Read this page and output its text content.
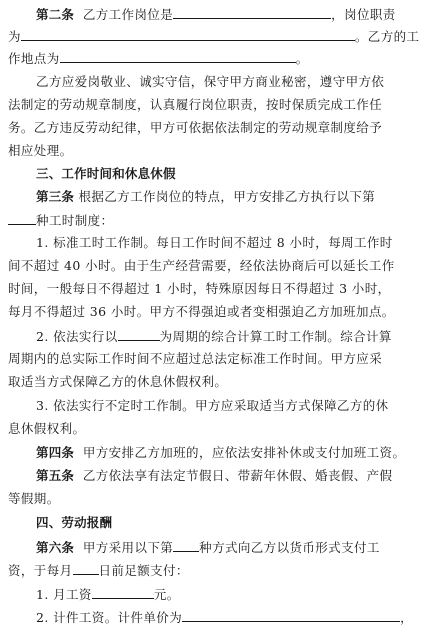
第二条 乙方工作岗位是	，岗位职责
为	。乙方的工
作地点为	。
乙方应爱岗敬业、诚实守信，保守甲方商业秘密，遵守甲方依
法制定的劳动规章制度，认真履行岗位职责，按时保质完成工作任
务。乙方违反劳动纪律，甲方可依据依法制定的劳动规章制度给予
相应处理。
三、工作时间和休息休假
第三条 根据乙方工作岗位的特点，甲方安排乙方执行以下第
种工时制度：
1. 标准工时工作制。每日工作时间不超过 8 小时，每周工作时
间不超过 40 小时。由于生产经营需要，经依法协商后可以延长工作
时间，一般每日不得超过 1 小时，特殊原因每日不得超过 3 小时，
每月不得超过 36 小时。甲方不得强迫或者变相强迫乙方加班加点。
2. 依法实行以	为周期的综合计算工时工作制。综合计算
周期内的总实际工作时间不应超过总法定标准工作时间。甲方应采
取适当方式保障乙方的休息休假权利。
3. 依法实行不定时工作制。甲方应采取适当方式保障乙方的休
息休假权利。
第四条 甲方安排乙方加班的，应依法安排补休或支付加班工资。
第五条 乙方依法享有法定节假日、带薪年休假、婚丧假、产假
等假期。
四、劳动报酬
第六条 甲方采用以下第 种方式向乙方以货币形式支付工
资，于每月 日前足额支付：
1. 月工资	元。
2. 计件工资。计件单价为	，
